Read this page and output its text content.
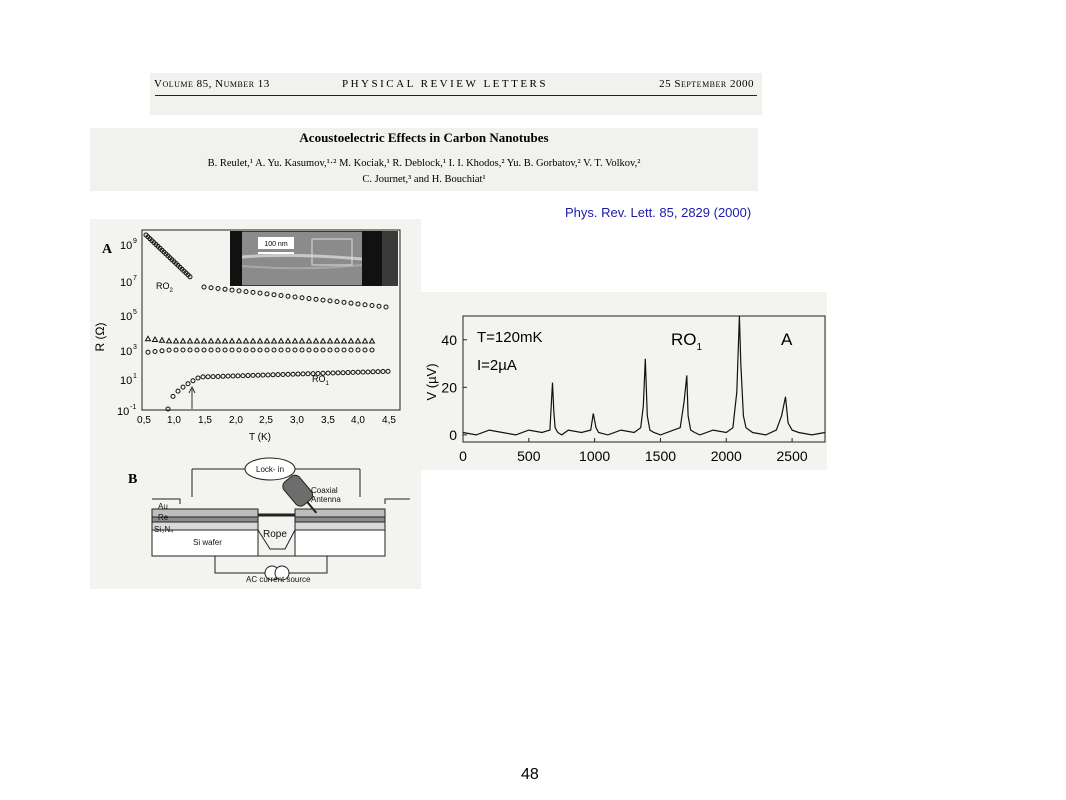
Volume 85, Number 13	PHYSICAL REVIEW LETTERS	25 September 2000
Acoustoelectric Effects in Carbon Nanotubes
B. Reulet,¹ A. Yu. Kasumov,¹·² M. Kociak,¹ R. Deblock,¹ I. I. Khodos,² Yu. B. Gorbatov,² V. T. Volkov,²
C. Journet,³ and H. Bouchiat¹
Phys. Rev. Lett. 85, 2829 (2000)
A
R (Ω)
10 9
10 7
10 5
10 3
10 1
10 -1
0,5 1,0 1,5 2,0 2,5 3,0 3,5 4,0 4,5
T (K)
100 nm
$RO_2$
$RO_1$
B
Lock- in
Coaxial
Antenna
Au
Re
Si₃N₄
Si wafer
Rope
AC current source
V (µV)
0
20
40
0	500	1000 1500 2000 2500
T=120mK
I=2µA
$RO_1$	A
48
